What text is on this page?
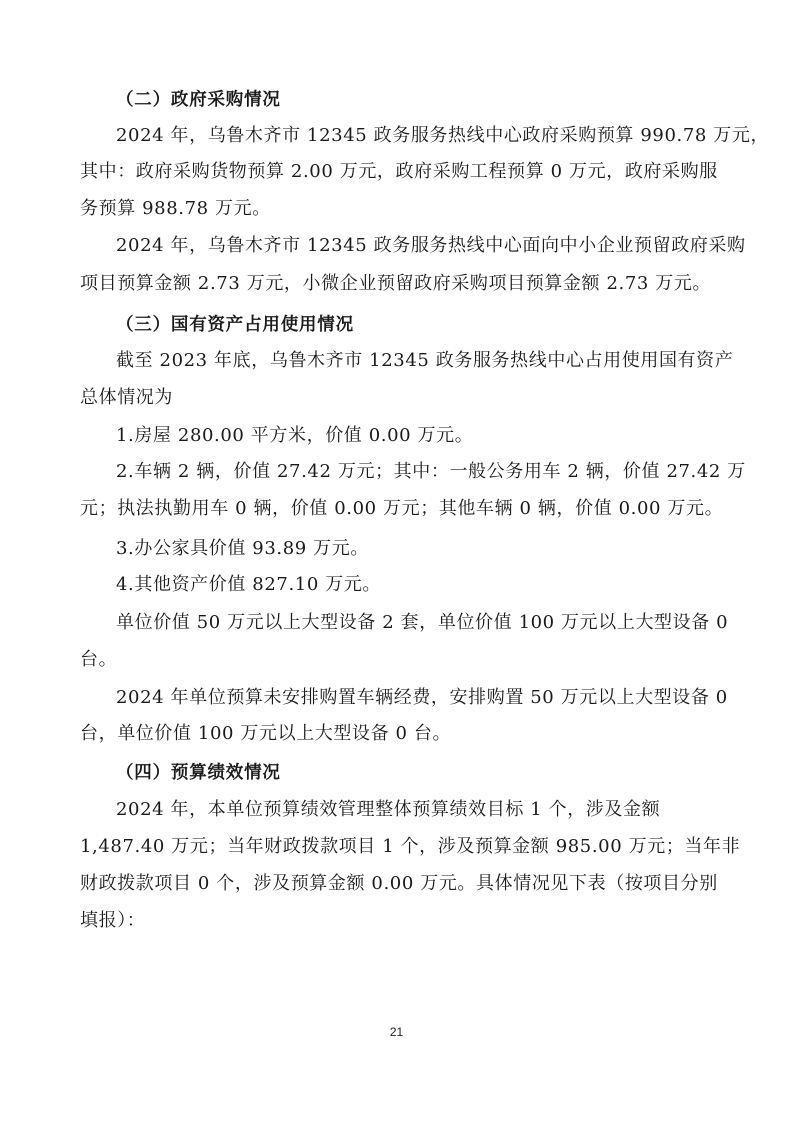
（二）政府采购情况
2024 年，乌鲁木齐市 12345 政务服务热线中心政府采购预算 990.78 万元，
其中：政府采购货物预算 2.00 万元，政府采购工程预算 0 万元，政府采购服
务预算 988.78 万元。
2024 年，乌鲁木齐市 12345 政务服务热线中心面向中小企业预留政府采购
项目预算金额 2.73 万元，小微企业预留政府采购项目预算金额 2.73 万元。
（三）国有资产占用使用情况
截至 2023 年底，乌鲁木齐市 12345 政务服务热线中心占用使用国有资产
总体情况为
1.房屋 280.00 平方米，价值 0.00 万元。
2.车辆 2 辆，价值 27.42 万元；其中：一般公务用车 2 辆，价值 27.42 万
元；执法执勤用车 0 辆，价值 0.00 万元；其他车辆 0 辆，价值 0.00 万元。
3.办公家具价值 93.89 万元。
4.其他资产价值 827.10 万元。
单位价值 50 万元以上大型设备 2 套，单位价值 100 万元以上大型设备 0
台。
2024 年单位预算未安排购置车辆经费，安排购置 50 万元以上大型设备 0
台，单位价值 100 万元以上大型设备 0 台。
（四）预算绩效情况
2024 年，本单位预算绩效管理整体预算绩效目标 1 个，涉及金额
1,487.40 万元；当年财政拨款项目 1 个，涉及预算金额 985.00 万元；当年非
财政拨款项目 0 个，涉及预算金额 0.00 万元。具体情况见下表（按项目分别
填报）：
21
